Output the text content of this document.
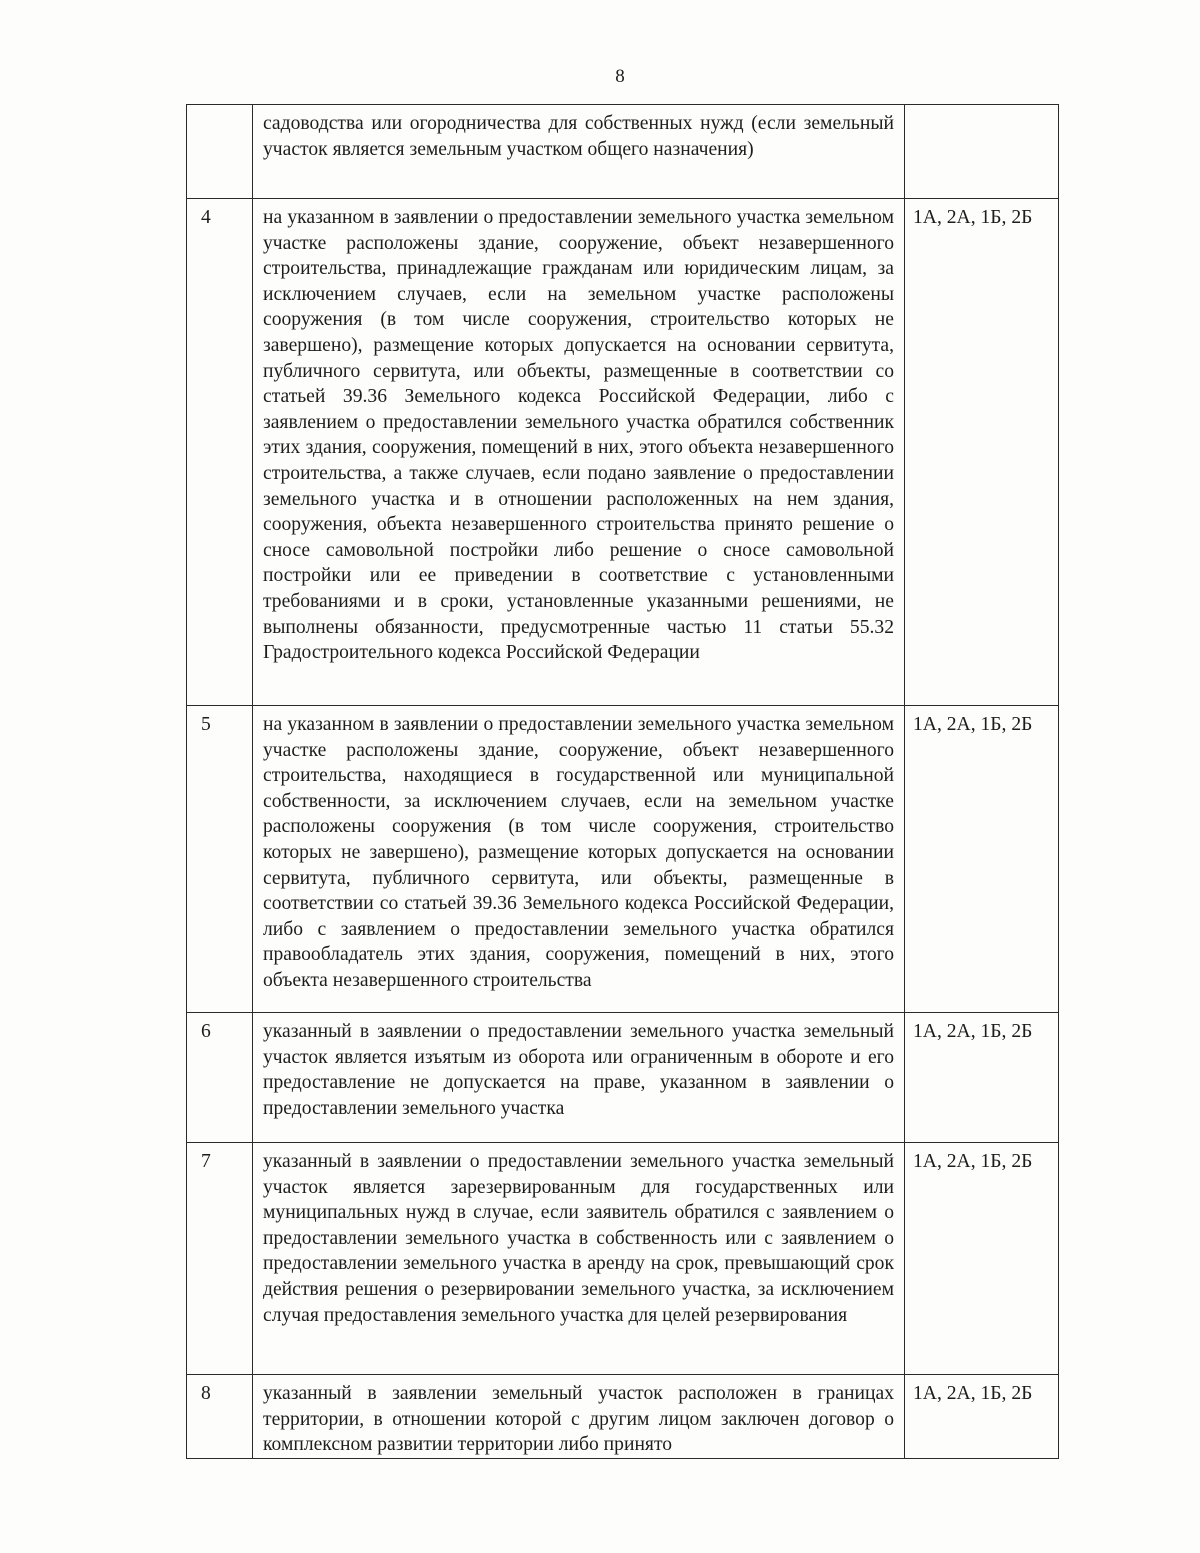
8
	садоводства или огородничества для собственных нужд (если земельный участок является земельным участком общего назначения)	
4	на указанном в заявлении о предоставлении земельного участка земельном участке расположены здание, сооружение, объект незавершенного строительства, принадлежащие гражданам или юридическим лицам, за исключением случаев, если на земельном участке расположены сооружения (в том числе сооружения, строительство которых не завершено), размещение которых допускается на основании сервитута, публичного сервитута, или объекты, размещенные в соответствии со статьей 39.36 Земельного кодекса Российской Федерации, либо с заявлением о предоставлении земельного участка обратился собственник этих здания, сооружения, помещений в них, этого объекта незавершенного строительства, а также случаев, если подано заявление о предоставлении земельного участка и в отношении расположенных на нем здания, сооружения, объекта незавершенного строительства принято решение о сносе самовольной постройки либо решение о сносе самовольной постройки или ее приведении в соответствие с установленными требованиями и в сроки, установленные указанными решениями, не выполнены обязанности, предусмотренные частью 11 статьи 55.32 Градостроительного кодекса Российской Федерации	1А, 2А, 1Б, 2Б
5	на указанном в заявлении о предоставлении земельного участка земельном участке расположены здание, сооружение, объект незавершенного строительства, находящиеся в государственной или муниципальной собственности, за исключением случаев, если на земельном участке расположены сооружения (в том числе сооружения, строительство которых не завершено), размещение которых допускается на основании сервитута, публичного сервитута, или объекты, размещенные в соответствии со статьей 39.36 Земельного кодекса Российской Федерации, либо с заявлением о предоставлении земельного участка обратился правообладатель этих здания, сооружения, помещений в них, этого объекта незавершенного строительства	1А, 2А, 1Б, 2Б
6	указанный в заявлении о предоставлении земельного участка земельный участок является изъятым из оборота или ограниченным в обороте и его предоставление не допускается на праве, указанном в заявлении о предоставлении земельного участка	1А, 2А, 1Б, 2Б
7	указанный в заявлении о предоставлении земельного участка земельный участок является зарезервированным для государственных или муниципальных нужд в случае, если заявитель обратился с заявлением о предоставлении земельного участка в собственность или с заявлением о предоставлении земельного участка в аренду на срок, превышающий срок действия решения о резервировании земельного участка, за исключением случая предоставления земельного участка для целей резервирования	1А, 2А, 1Б, 2Б
8	указанный в заявлении земельный участок расположен в границах территории, в отношении которой с другим лицом заключен договор о комплексном развитии территории либо принято	1А, 2А, 1Б, 2Б
